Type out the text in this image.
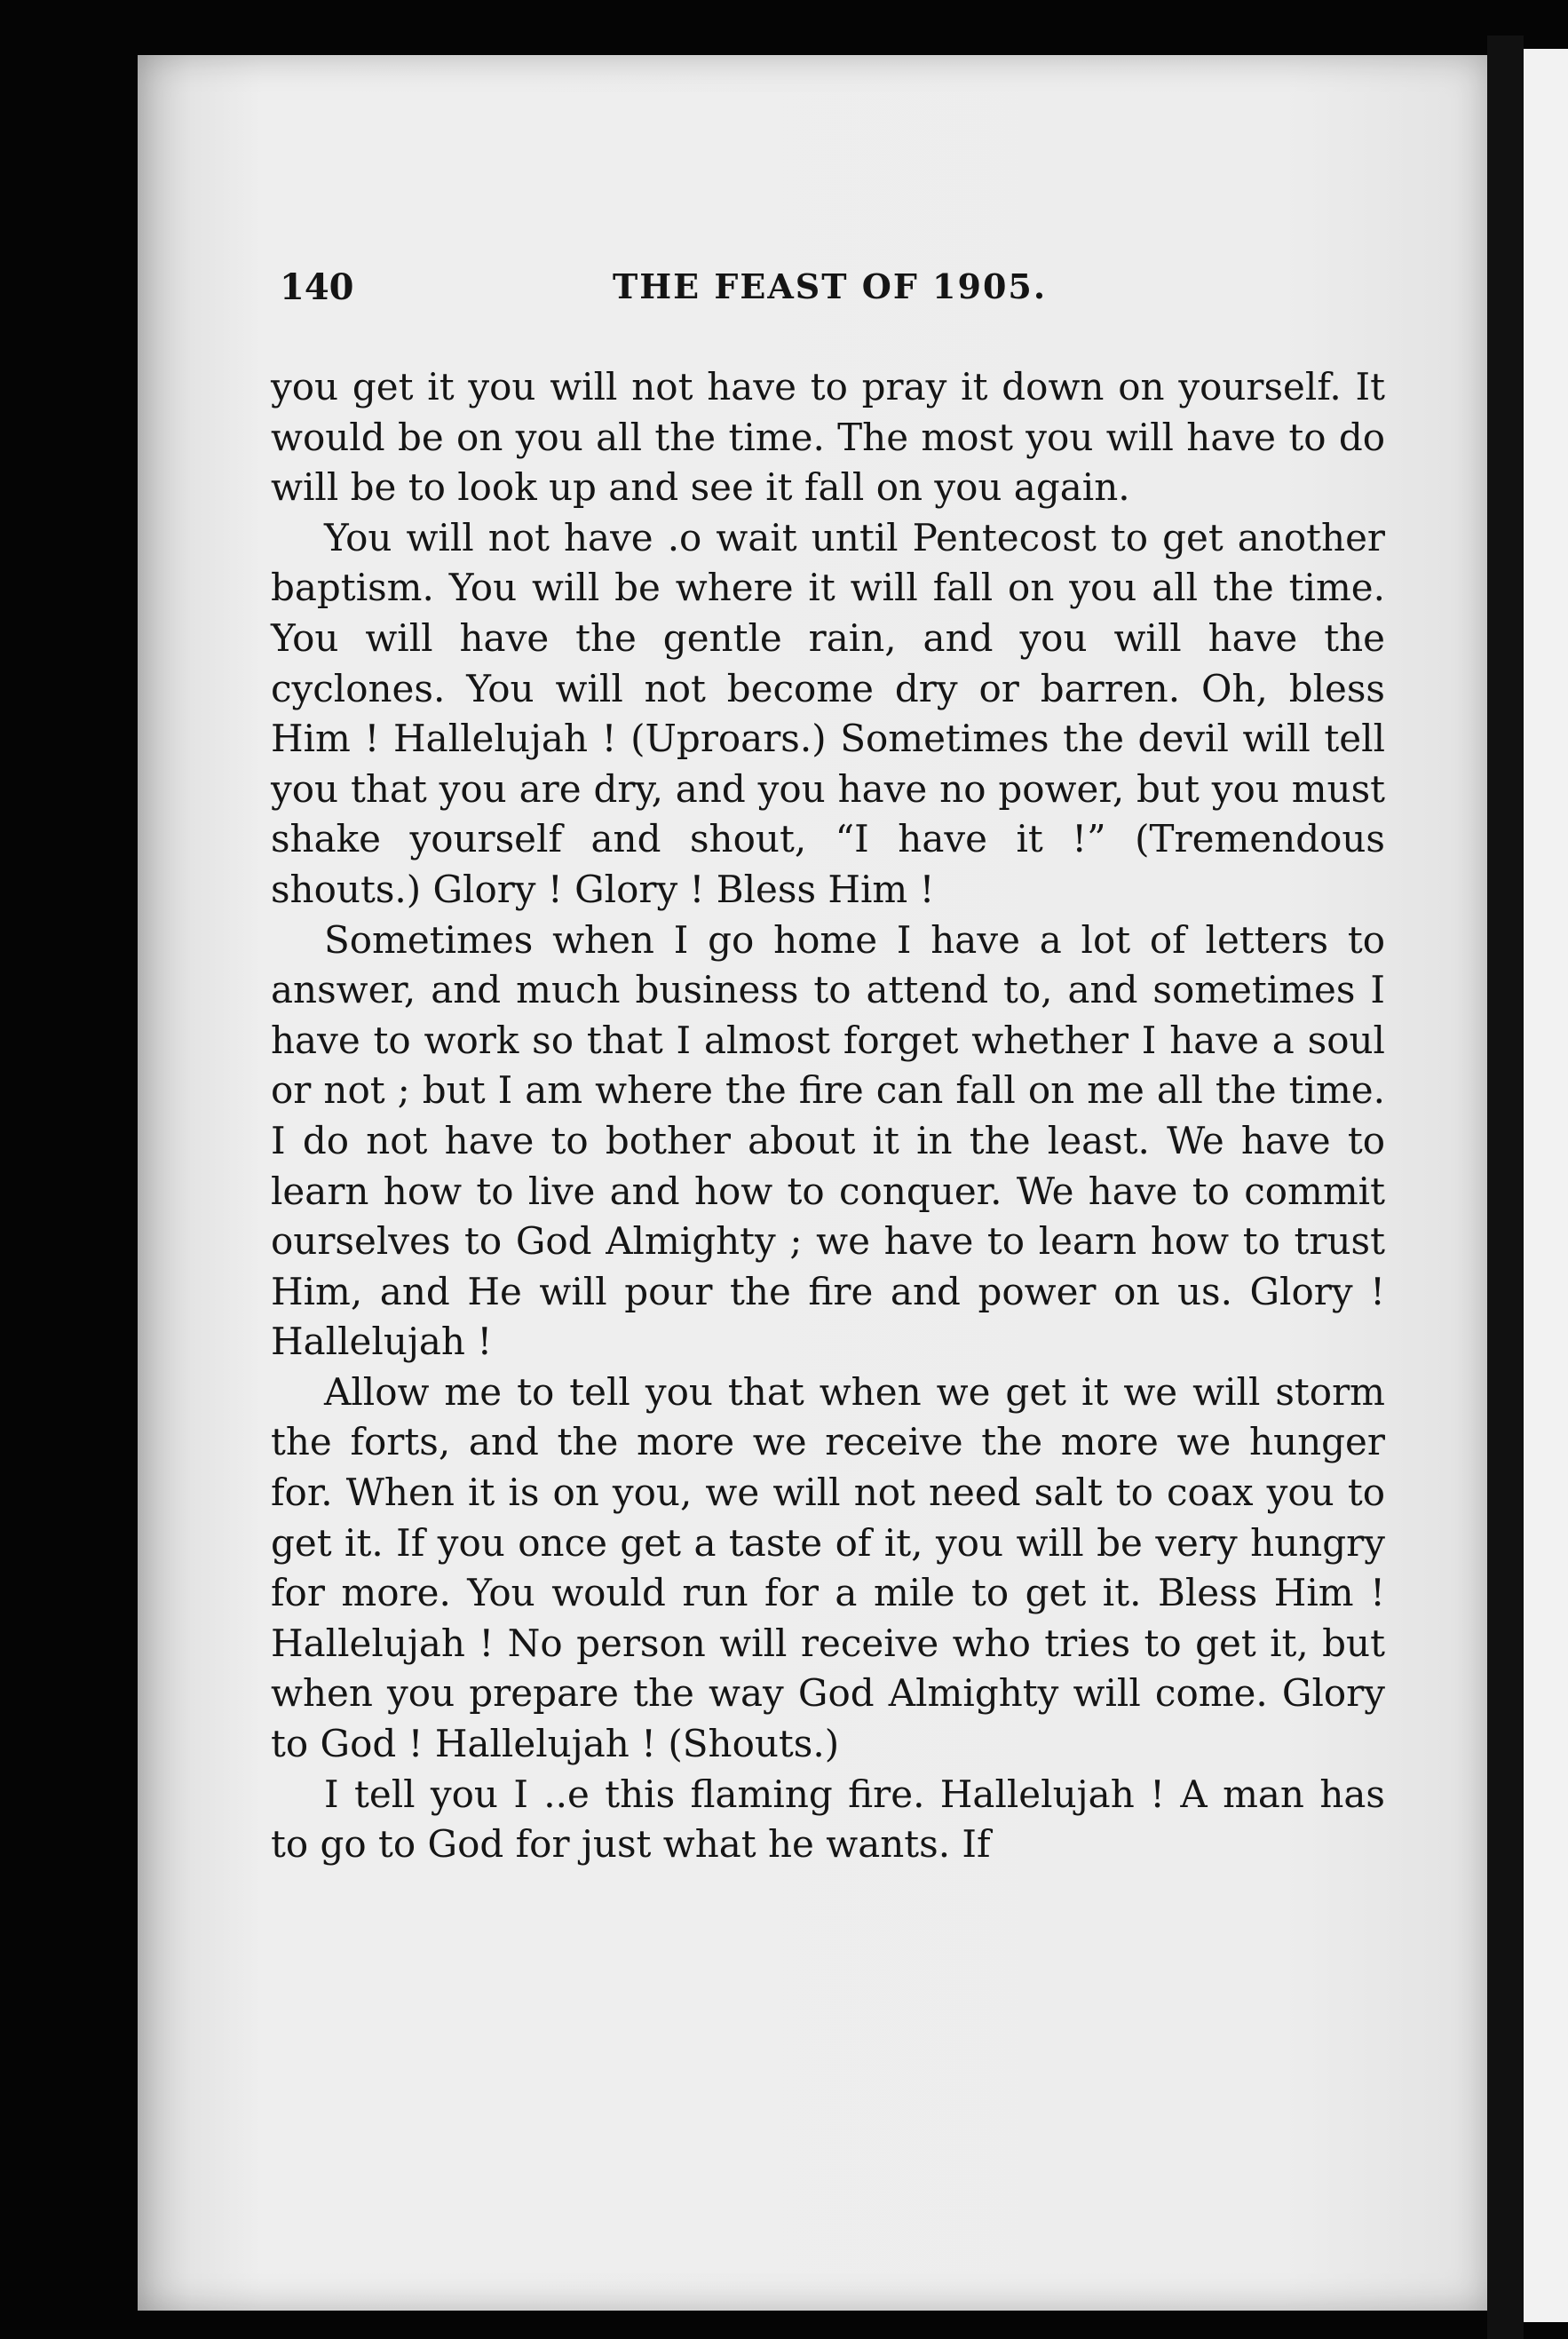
140	THE FEAST OF 1905.

you get it you will not have to pray it down on yourself. It would be on you all the time. The most you will have to do will be to look up and see it fall on you again.

You will not have .o wait until Pentecost to get another baptism. You will be where it will fall on you all the time. You will have the gentle rain, and you will have the cyclones. You will not become dry or barren. Oh, bless Him ! Hallelujah ! (Uproars.) Sometimes the devil will tell you that you are dry, and you have no power, but you must shake yourself and shout, “I have it !” (Tremendous shouts.) Glory ! Glory ! Bless Him !

Sometimes when I go home I have a lot of letters to answer, and much business to attend to, and sometimes I have to work so that I almost forget whether I have a soul or not ; but I am where the fire can fall on me all the time. I do not have to bother about it in the least. We have to learn how to live and how to conquer. We have to commit ourselves to God Almighty ; we have to learn how to trust Him, and He will pour the fire and power on us. Glory ! Hallelujah !

Allow me to tell you that when we get it we will storm the forts, and the more we receive the more we hunger for. When it is on you, we will not need salt to coax you to get it. If you once get a taste of it, you will be very hungry for more. You would run for a mile to get it. Bless Him ! Hallelujah ! No person will receive who tries to get it, but when you prepare the way God Almighty will come. Glory to God ! Hallelujah ! (Shouts.)

I tell you I ..e this flaming fire. Hallelujah ! A man has to go to God for just what he wants. If
